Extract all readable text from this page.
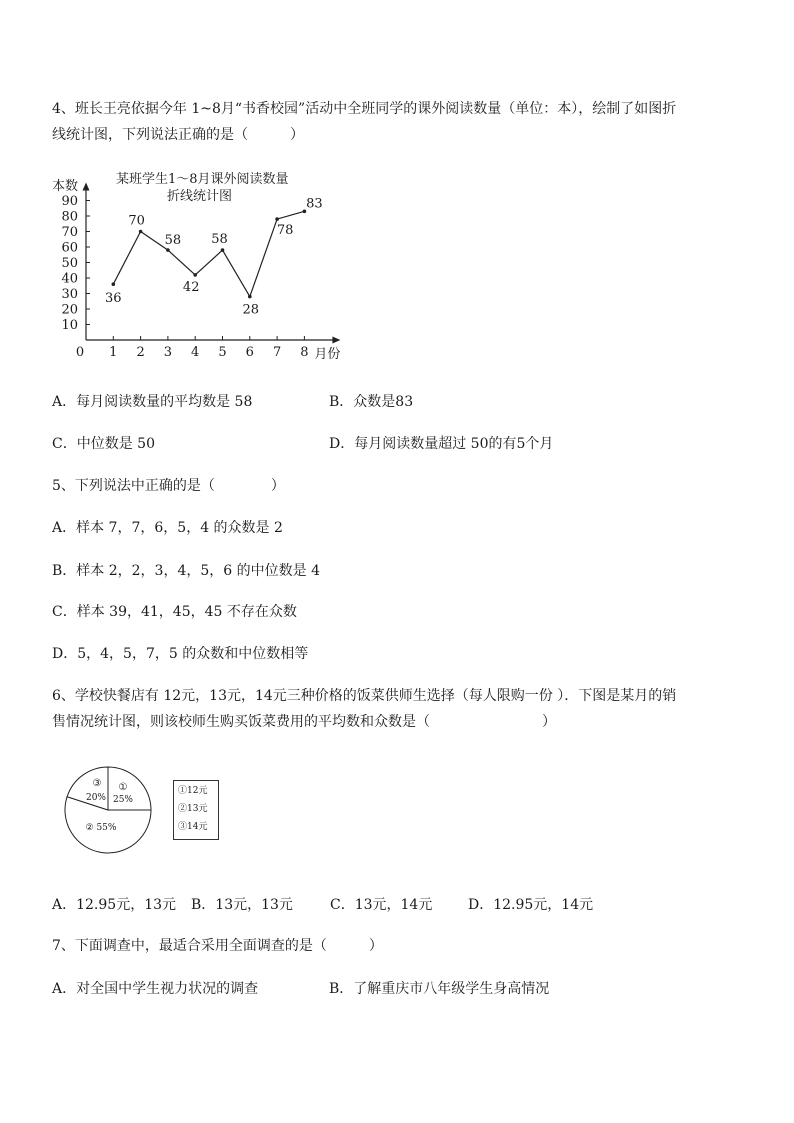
4、班长王亮依据今年 1~8月“书香校园”活动中全班同学的课外阅读数量（单位：本），绘制了如图折
线统计图，下列说法正确的是（　　　）
某班学生1～8月课外阅读数量
折线统计图
10
20
30
40
50
60
70
80
90
0 1 2 3 4 5 6 7 8
36
70
58
42
58
28
78
83
本数
月份
A．每月阅读数量的平均数是 58	B．众数是83
C．中位数是 50	D．每月阅读数量超过 50的有5个月
5、下列说法中正确的是（　　　　）
A．样本 7，7，6，5，4 的众数是 2
B．样本 2，2，3，4，5，6 的中位数是 4
C．样本 39，41，45，45 不存在众数
D．5，4，5，7，5 的众数和中位数相等
6、学校快餐店有 12元，13元，14元三种价格的饭菜供师生选择（每人限购一份 ）．下图是某月的销
售情况统计图，则该校师生购买饭菜费用的平均数和众数是（　　　　　　　　）
①
25%
② 55%
③
20%
①12元
②13元
③14元
A．12.95元，13元 B．13元，13元	C．13元，14元	D．12.95元，14元
7、下面调查中，最适合采用全面调查的是（　　　）
A．对全国中学生视力状况的调查	B．了解重庆市八年级学生身高情况
